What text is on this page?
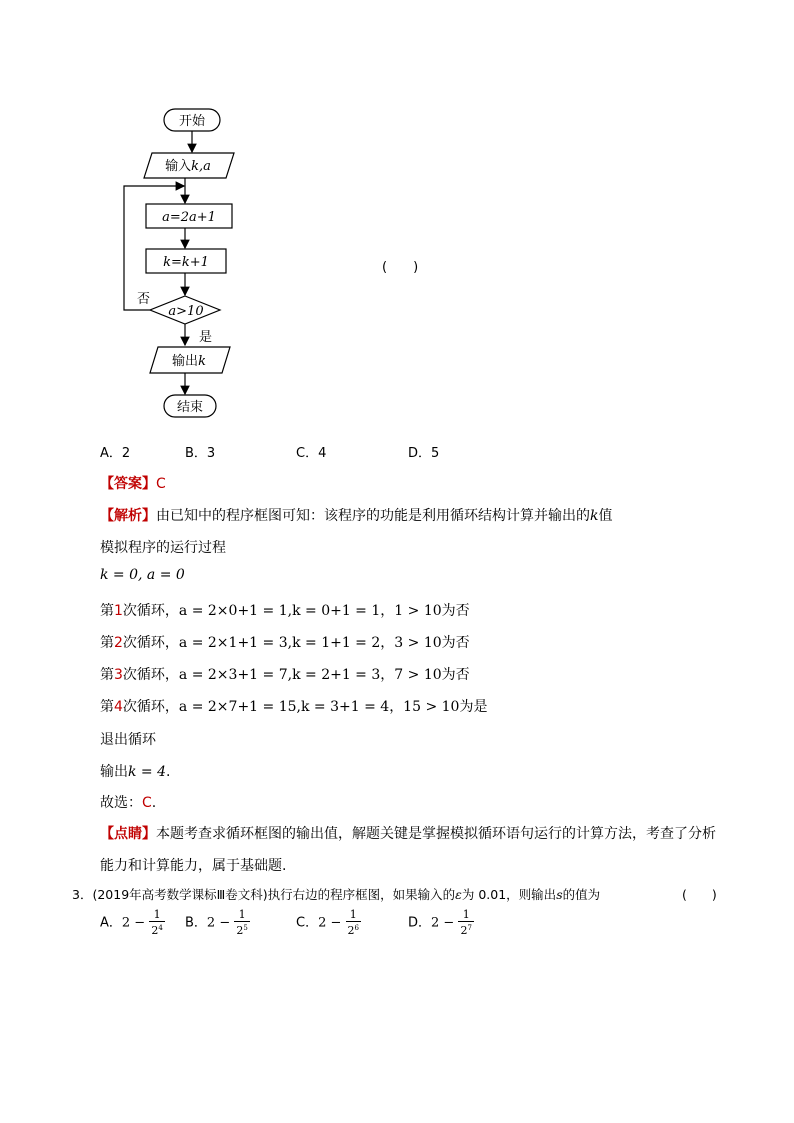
开始
输入k,a
a=2a+1
k=k+1
a>10
否
是
输出k
结束
(　　)
A．2	B．3	C．4	D．5
【答案】C
【解析】由已知中的程序框图可知：该程序的功能是利用循环结构计算并输出的k值
模拟程序的运行过程
k = 0, a = 0
第1次循环，a = 2×0+1 = 1,k = 0+1 = 1，1 > 10为否
第2次循环，a = 2×1+1 = 3,k = 1+1 = 2，3 > 10为否
第3次循环，a = 2×3+1 = 7,k = 2+1 = 3，7 > 10为否
第4次循环，a = 2×7+1 = 15,k = 3+1 = 4，15 > 10为是
退出循环
输出k = 4.
故选：C.
【点睛】本题考查求循环框图的输出值，解题关键是掌握模拟循环语句运行的计算方法，考查了分析
能力和计算能力，属于基础题.
3．(2019年高考数学课标Ⅲ卷文科)执行右边的程序框图，如果输入的ε为 0.01，则输出s的值为	(　　)
A．$2 - \frac{1}{2^4}$ B．$2 - \frac{1}{2^5}$	C．$2 - \frac{1}{2^6}$	D．$2 - \frac{1}{2^7}$
